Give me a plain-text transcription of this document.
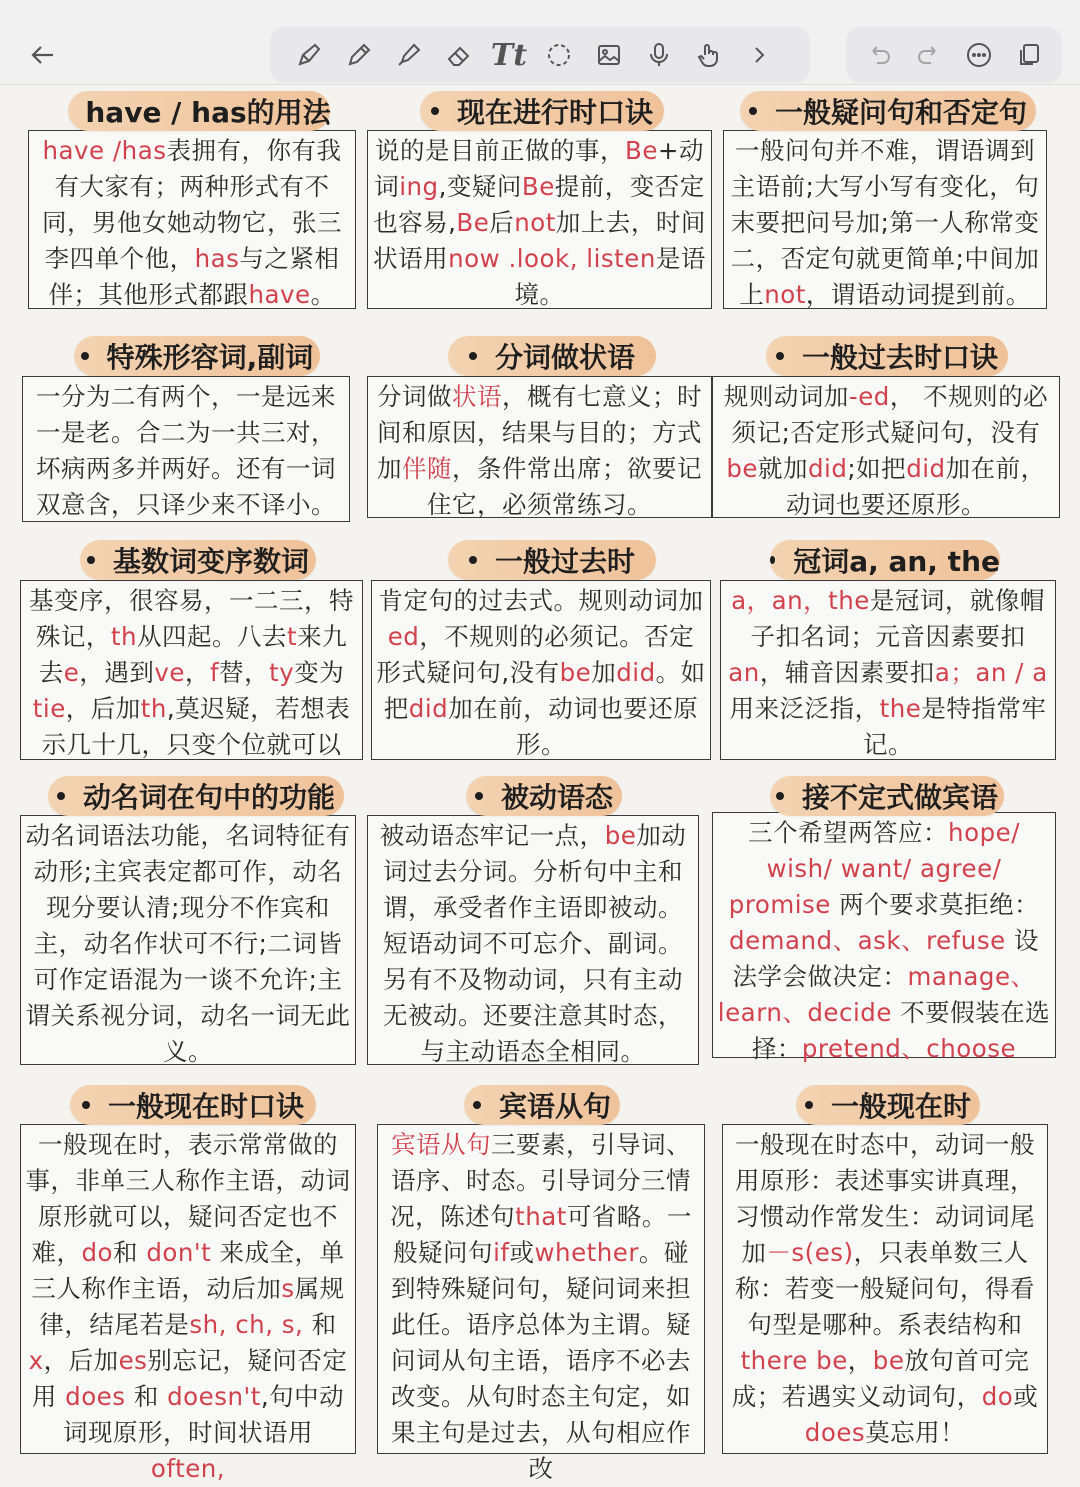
Tt
have /has表拥有，你有我有大家有；两种形式有不同，男他女她动物它，张三李四单个他，has与之紧相伴；其他形式都跟have。
have / has的用法
说的是目前正做的事，Be+动词ing,变疑问Be提前，变否定也容易,Be后not加上去，时间状语用now .look, listen是语境。
现在进行时口诀
一般问句并不难，谓语调到主语前;大写小写有变化，句末要把问号加;第一人称常变二，否定句就更简单;中间加上not，谓语动词提到前。
一般疑问句和否定句
一分为二有两个，一是远来一是老。合二为一共三对，坏病两多并两好。还有一词双意含，只译少来不译小。
特殊形容词,副词
分词做状语，概有七意义；时间和原因，结果与目的；方式加伴随，条件常出席；欲要记住它，必须常练习。
分词做状语
规则动词加-ed， 不规则的必须记;否定形式疑问句，没有be就加did;如把did加在前，动词也要还原形。
一般过去时口诀
基变序，很容易，一二三，特殊记，th从四起。八去t来九去e，遇到ve，f替，ty变为tie，后加th,莫迟疑，若想表示几十几，只变个位就可以
基数词变序数词
肯定句的过去式。规则动词加ed，不规则的必须记。否定形式疑问句,没有be加did。如把did加在前，动词也要还原形。
一般过去时
a，an，the是冠词，就像帽子扣名词；元音因素要扣an，辅音因素要扣a；an / a用来泛泛指，the是特指常牢记。
冠词a, an, the
动名词语法功能，名词特征有动形;主宾表定都可作，动名现分要认清;现分不作宾和主，动名作状可不行;二词皆可作定语混为一谈不允许;主谓关系视分词，动名一词无此义。
动名词在句中的功能
被动语态牢记一点，be加动词过去分词。分析句中主和谓，承受者作主语即被动。短语动词不可忘介、副词。另有不及物动词，只有主动无被动。还要注意其时态，与主动语态全相同。
被动语态
三个希望两答应：hope/ wish/ want/ agree/ promise 两个要求莫拒绝：demand、ask、refuse 设法学会做决定：manage、learn、decide 不要假装在选择：pretend、choose
接不定式做宾语
一般现在时，表示常常做的事，非单三人称作主语，动词原形就可以，疑问否定也不难，do和 don't 来成全，单三人称作主语，动后加s属规律，结尾若是sh, ch, s, 和 x，后加es别忘记，疑问否定用 does 和 doesn't,句中动词现原形，时间状语用 often,
一般现在时口诀
宾语从句三要素，引导词、语序、时态。引导词分三情况，陈述句that可省略。一般疑问句if或whether。碰到特殊疑问句，疑问词来担此任。语序总体为主谓。疑问词从句主语，语序不必去改变。从句时态主句定，如果主句是过去，从句相应作改
宾语从句
一般现在时态中，动词一般用原形：表述事实讲真理，习惯动作常发生：动词词尾加－s(es)，只表单数三人称：若变一般疑问句，得看句型是哪种。系表结构和there be，be放句首可完成；若遇实义动词句，do或does莫忘用！
一般现在时
